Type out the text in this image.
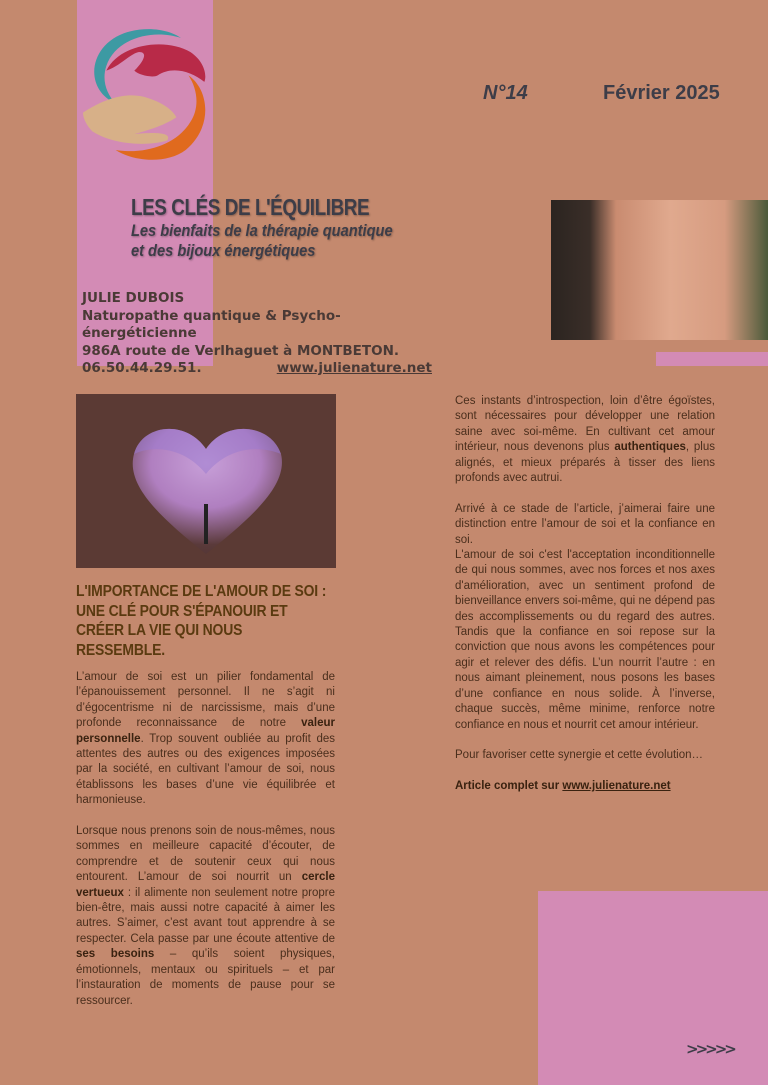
N°14	Février 2025
LES CLÉS DE L'ÉQUILIBRE
Les bienfaits de la thérapie quantique
et des bijoux énergétiques
JULIE DUBOIS
Naturopathe quantique & Psycho-énergéticienne
986A route de Verlhaguet à MONTBETON.
06.50.44.29.51.	www.julienature.net
L'IMPORTANCE DE L'AMOUR DE SOI : UNE CLÉ POUR S'ÉPANOUIR ET CRÉER LA VIE QUI NOUS RESSEMBLE.

L’amour de soi est un pilier fondamental de l’épanouissement personnel. Il ne s’agit ni d’égocentrisme ni de narcissisme, mais d’une profonde reconnaissance de notre valeur personnelle. Trop souvent oubliée au profit des attentes des autres ou des exigences imposées par la société, en cultivant l’amour de soi, nous établissons les bases d’une vie équilibrée et harmonieuse.

Lorsque nous prenons soin de nous-mêmes, nous sommes en meilleure capacité d’écouter, de comprendre et de soutenir ceux qui nous entourent. L’amour de soi nourrit un cercle vertueux : il alimente non seulement notre propre bien-être, mais aussi notre capacité à aimer les autres. S’aimer, c’est avant tout apprendre à se respecter. Cela passe par une écoute attentive de ses besoins – qu’ils soient physiques, émotionnels, mentaux ou spirituels – et par l’instauration de moments de pause pour se ressourcer.

Ces instants d’introspection, loin d’être égoïstes, sont nécessaires pour développer une relation saine avec soi-même. En cultivant cet amour intérieur, nous devenons plus authentiques, plus alignés, et mieux préparés à tisser des liens profonds avec autrui.

Arrivé à ce stade de l’article, j’aimerai faire une distinction entre l’amour de soi et la confiance en soi.

L'amour de soi c'est l'acceptation inconditionnelle de qui nous sommes, avec nos forces et nos axes d'amélioration, avec un sentiment profond de bienveillance envers soi-même, qui ne dépend pas des accomplissements ou du regard des autres. Tandis que la confiance en soi repose sur la conviction que nous avons les compétences pour agir et relever des défis. L’un nourrit l’autre : en nous aimant pleinement, nous posons les bases d’une confiance en nous solide. À l’inverse, chaque succès, même minime, renforce notre confiance en nous et nourrit cet amour intérieur.

Pour favoriser cette synergie et cette évolution…

Article complet sur www.julienature.net

>>>>>
